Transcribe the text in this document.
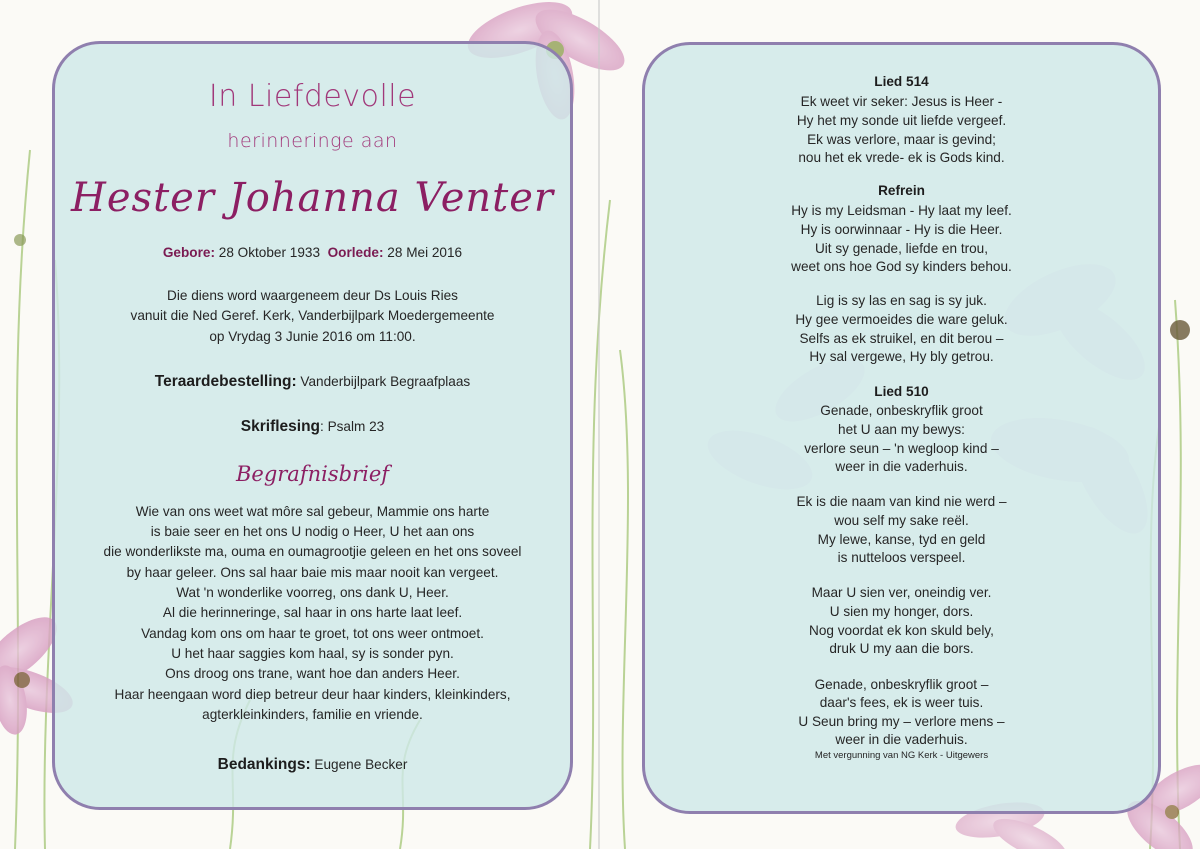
In Liefdevolle
herinneringe aan
Hester Johanna Venter
Gebore: 28 Oktober 1933 Oorlede: 28 Mei 2016
Die diens word waargeneem deur Ds Louis Ries
vanuit die Ned Geref. Kerk, Vanderbijlpark Moedergemeente
op Vrydag 3 Junie 2016 om 11:00.
Teraardebestelling: Vanderbijlpark Begraafplaas
Skriflesing: Psalm 23
Begrafnisbrief
Wie van ons weet wat môre sal gebeur, Mammie ons harte
is baie seer en het ons U nodig o Heer, U het aan ons
die wonderlikste ma, ouma en oumagrootjie geleen en het ons soveel
by haar geleer. Ons sal haar baie mis maar nooit kan vergeet.
Wat 'n wonderlike voorreg, ons dank U, Heer.
Al die herinneringe, sal haar in ons harte laat leef.
Vandag kom ons om haar te groet, tot ons weer ontmoet.
U het haar saggies kom haal, sy is sonder pyn.
Ons droog ons trane, want hoe dan anders Heer.
Haar heengaan word diep betreur deur haar kinders, kleinkinders,
agterkleinkinders, familie en vriende.
Bedankings: Eugene Becker
Lied 514
Ek weet vir seker: Jesus is Heer -
Hy het my sonde uit liefde vergeef.
Ek was verlore, maar is gevind;
nou het ek vrede- ek is Gods kind.
Refrein
Hy is my Leidsman - Hy laat my leef.
Hy is oorwinnaar - Hy is die Heer.
Uit sy genade, liefde en trou,
weet ons hoe God sy kinders behou.
Lig is sy las en sag is sy juk.
Hy gee vermoeides die ware geluk.
Selfs as ek struikel, en dit berou –
Hy sal vergewe, Hy bly getrou.
Lied 510
Genade, onbeskryflik groot
het U aan my bewys:
verlore seun – 'n wegloop kind –
weer in die vaderhuis.
Ek is die naam van kind nie werd –
wou self my sake reël.
My lewe, kanse, tyd en geld
is nutteloos verspeel.
Maar U sien ver, oneindig ver.
U sien my honger, dors.
Nog voordat ek kon skuld bely,
druk U my aan die bors.
Genade, onbeskryflik groot –
daar's fees, ek is weer tuis.
U Seun bring my – verlore mens –
weer in die vaderhuis.
Met vergunning van NG Kerk - Uitgewers
